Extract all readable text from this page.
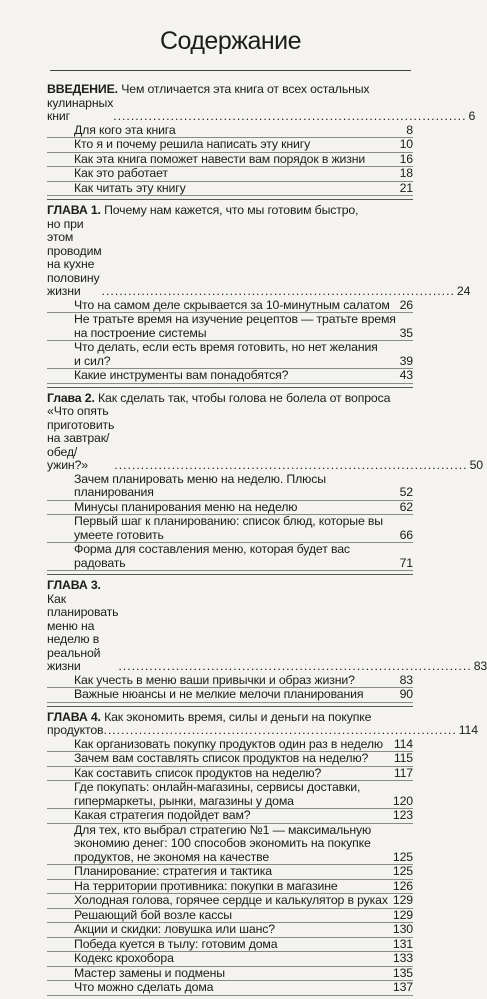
Содержание
ВВЕДЕНИЕ. Чем отличается эта книга от всех остальных
кулинарных книг	................................................................................ 6
Для кого эта книга	8
Кто я и почему решила написать эту книгу	10
Как эта книга поможет навести вам порядок в жизни	16
Как это работает	18
Как читать эту книгу	21
ГЛАВА 1. Почему нам кажется, что мы готовим быстро,
но при этом проводим на кухне половину жизни	................................................................................ 24
Что на самом деле скрывается за 10-минутным салатом 26
Не тратьте время на изучение рецептов — тратьте время
на построение системы	35
Что делать, если есть время готовить, но нет желания
и сил?	39
Какие инструменты вам понадобятся?	43
Глава 2. Как сделать так, чтобы голова не болела от вопроса
«Что опять приготовить на завтрак/обед/ужин?»	................................................................................ 50
Зачем планировать меню на неделю. Плюсы планирования	52
Минусы планирования меню на неделю	62
Первый шаг к планированию: список блюд, которые вы
умеете готовить	66
Форма для составления меню, которая будет вас радовать	71
ГЛАВА 3. Как планировать меню на неделю в реальной жизни	................................................................................ 83
Как учесть в меню ваши привычки и образ жизни?	83
Важные нюансы и не мелкие мелочи планирования	90
ГЛАВА 4. Как экономить время, силы и деньги на покупке
продуктов ................................................................................ 114
Как организовать покупку продуктов один раз в неделю 114
Зачем вам составлять список продуктов на неделю?	115
Как составить список продуктов на неделю?	117
Где покупать: онлайн-магазины, сервисы доставки,
гипермаркеты, рынки, магазины у дома	120
Какая стратегия подойдет вам?	123
Для тех, кто выбрал стратегию №1 — максимальную
экономию денег: 100 способов экономить на покупке
продуктов, не экономя на качестве	125
Планирование: стратегия и тактика	125
На территории противника: покупки в магазине	126
Холодная голова, горячее сердце и калькулятор в руках 129
Решающий бой возле кассы	129
Акции и скидки: ловушка или шанс?	130
Победа куется в тылу: готовим дома	131
Кодекс крохобора	133
Мастер замены и подмены	135
Что можно сделать дома	137
